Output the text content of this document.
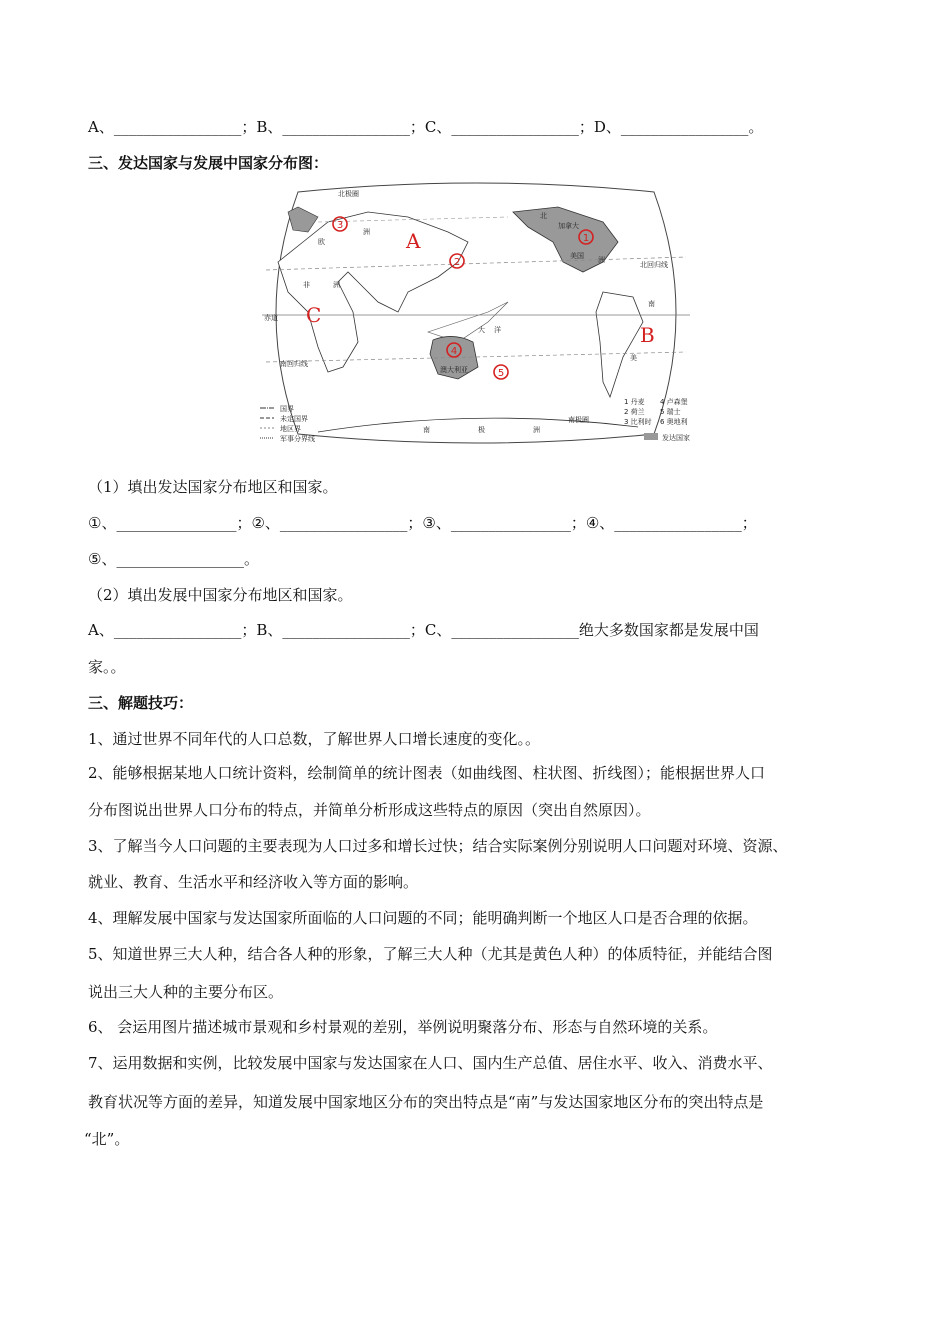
A、_________________；B、_________________；C、_________________；D、_________________。
三、发达国家与发展中国家分布图：
北回归线
赤道
南回归线
北极圈
南极圈
北
加拿大
美国 洲
澳大利亚
南
美
南	极	洲
非	洲
欧
洲
大 洋
A
B
C
1
2
3
4
5
国界
未定国界
地区界
军事分界线
1 丹麦
2 荷兰
3 比利时
4 卢森堡
5 瑞士
6 奥地利
发达国家
（1）填出发达国家分布地区和国家。
①、________________；②、_________________；③、________________；④、_________________；
⑤、_________________。
（2）填出发展中国家分布地区和国家。
A、_________________；B、_________________；C、_________________绝大多数国家都是发展中国
家。。
三、解题技巧：
1、通过世界不同年代的人口总数，了解世界人口增长速度的变化。。
2、能够根据某地人口统计资料，绘制简单的统计图表（如曲线图、柱状图、折线图）；能根据世界人口
分布图说出世界人口分布的特点，并简单分析形成这些特点的原因（突出自然原因）。
3、了解当今人口问题的主要表现为人口过多和增长过快；结合实际案例分别说明人口问题对环境、资源、
就业、教育、生活水平和经济收入等方面的影响。
4、理解发展中国家与发达国家所面临的人口问题的不同；能明确判断一个地区人口是否合理的依据。
5、知道世界三大人种，结合各人种的形象，了解三大人种（尤其是黄色人种）的体质特征，并能结合图
说出三大人种的主要分布区。
6、 会运用图片描述城市景观和乡村景观的差别，举例说明聚落分布、形态与自然环境的关系。
7、运用数据和实例，比较发展中国家与发达国家在人口、国内生产总值、居住水平、收入、消费水平、
教育状况等方面的差异，知道发展中国家地区分布的突出特点是“南”与发达国家地区分布的突出特点是
“北”。
